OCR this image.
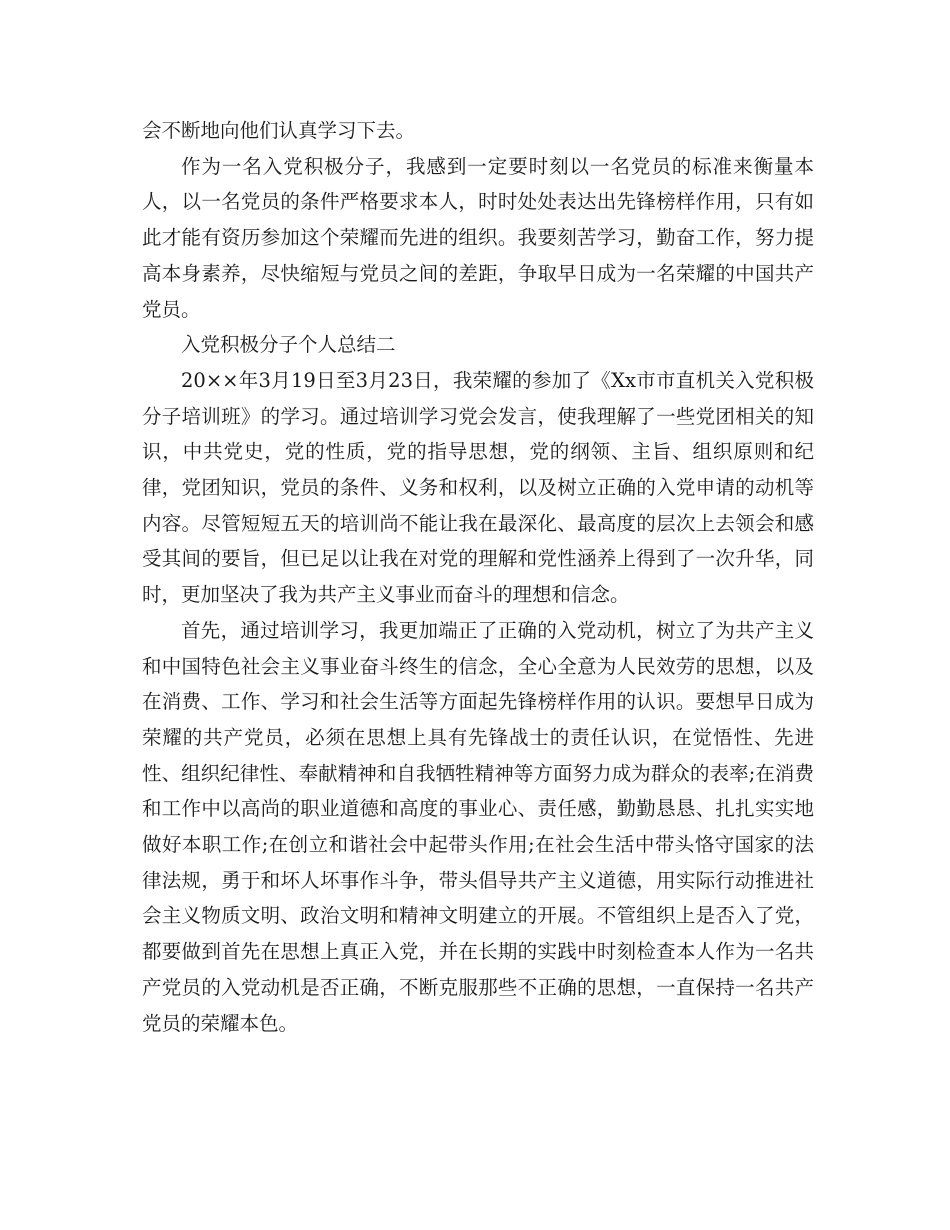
会不断地向他们认真学习下去。

作为一名入党积极分子，我感到一定要时刻以一名党员的标准来衡量本人，以一名党员的条件严格要求本人，时时处处表达出先锋榜样作用，只有如此才能有资历参加这个荣耀而先进的组织。我要刻苦学习，勤奋工作，努力提高本身素养，尽快缩短与党员之间的差距，争取早日成为一名荣耀的中国共产党员。

入党积极分子个人总结二

20××年3月19日至3月23日，我荣耀的参加了《Xx市市直机关入党积极分子培训班》的学习。通过培训学习党会发言，使我理解了一些党团相关的知识，中共党史，党的性质，党的指导思想，党的纲领、主旨、组织原则和纪律，党团知识，党员的条件、义务和权利，以及树立正确的入党申请的动机等内容。尽管短短五天的培训尚不能让我在最深化、最高度的层次上去领会和感受其间的要旨，但已足以让我在对党的理解和党性涵养上得到了一次升华，同时，更加坚决了我为共产主义事业而奋斗的理想和信念。

首先，通过培训学习，我更加端正了正确的入党动机，树立了为共产主义和中国特色社会主义事业奋斗终生的信念，全心全意为人民效劳的思想，以及在消费、工作、学习和社会生活等方面起先锋榜样作用的认识。要想早日成为荣耀的共产党员，必须在思想上具有先锋战士的责任认识，在觉悟性、先进性、组织纪律性、奉献精神和自我牺牲精神等方面努力成为群众的表率;在消费和工作中以高尚的职业道德和高度的事业心、责任感，勤勤恳恳、扎扎实实地做好本职工作;在创立和谐社会中起带头作用;在社会生活中带头恪守国家的法律法规，勇于和坏人坏事作斗争，带头倡导共产主义道德，用实际行动推进社会主义物质文明、政治文明和精神文明建立的开展。不管组织上是否入了党，都要做到首先在思想上真正入党，并在长期的实践中时刻检查本人作为一名共产党员的入党动机是否正确，不断克服那些不正确的思想，一直保持一名共产党员的荣耀本色。
